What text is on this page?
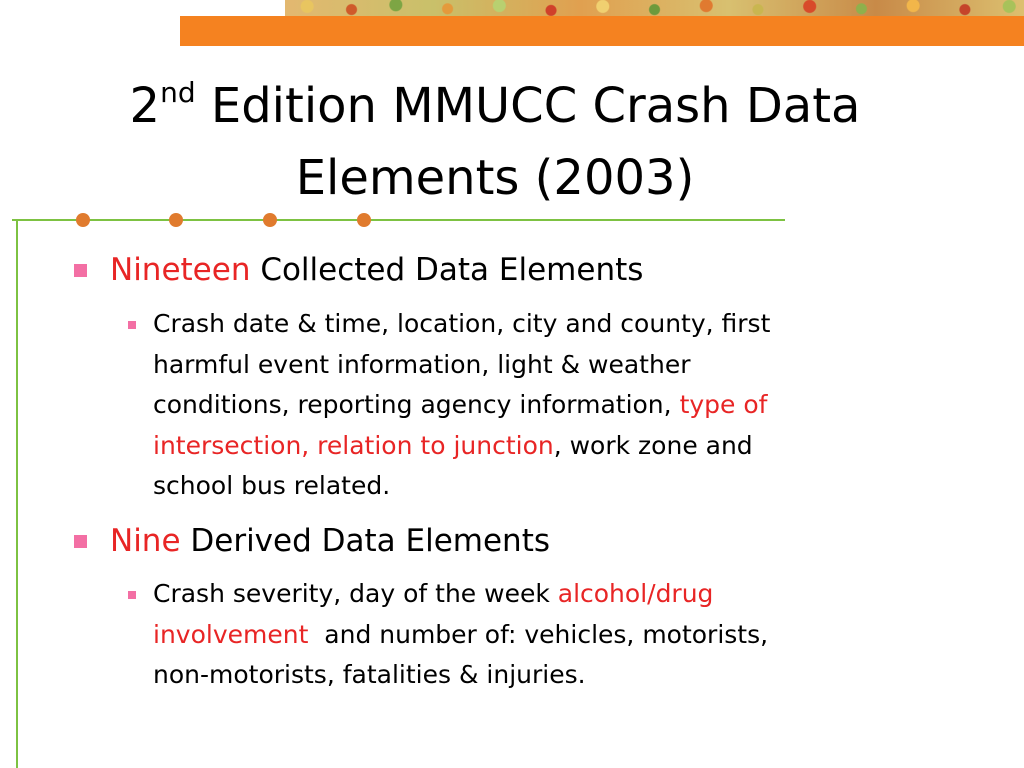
2nd Edition MMUCC Crash Data
Elements (2003)
Nineteen Collected Data Elements
Crash date & time, location, city and county, first
harmful event information, light & weather
conditions, reporting agency information, type of
intersection, relation to junction, work zone and
school bus related.
Nine Derived Data Elements
Crash severity, day of the week alcohol/drug
involvement  and number of: vehicles, motorists,
non-motorists, fatalities & injuries.
